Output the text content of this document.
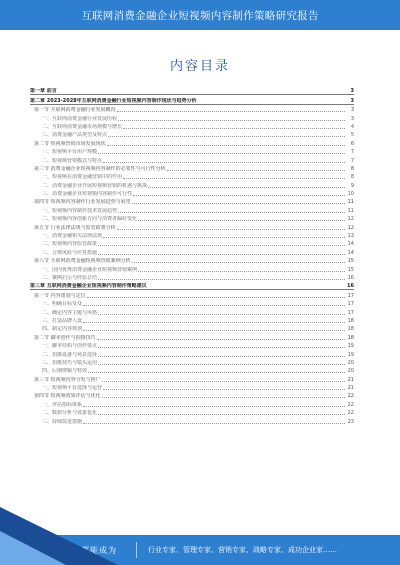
互联网消费金融企业短视频内容制作策略研究报告
内容目录
第一章 前言	3
第二章 2023-2028年互联网消费金融行业短视频内容制作现状与趋势分析	3
第一节 互联网消费金融行业发展概况	3
一、互联网消费金融行业发展历程	3
二、互联网消费金融市场规模与增长	4
三、消费金融产品类型及特点	5
第二节 短视频营销市场发展现状	6
一、短视频平台用户规模	7
二、短视频营销模式与特点	7
第三节 消费金融企业短视频内容制作的必要性与可行性分析	8
一、短视频在消费金融营销中的作用	8
二、消费金融企业开展短视频营销的机遇与挑战	9
三、消费金融企业短视频内容制作可行性	10
第四节 短视频内容制作行业发展趋势与展望	11
一、短视频内容制作技术发展趋势	11
二、短视频内容创新方向与消费者偏好变化	12
第五节 行业法律法规与监管政策分析	12
一、消费金融相关法律法规	13
二、短视频内容监管政策	14
三、合规风险与应对措施	14
第六节 互联网消费金融短视频营销案例分析	15
一、国内优秀消费金融企业短视频营销案例	15
二、案例启示与经验总结	16
第三章 互联网消费金融企业短视频内容制作策略建议	16
第一节 内容策划与定位	17
一、明确目标受众	17
二、确定内容主题与风格	17
三、打造品牌人设	18
四、制定内容规划	18
第二节 脚本创作与拍摄技巧	18
一、脚本结构与创作要点	19
二、拍摄设备与场景选择	19
三、拍摄技巧与镜头运用	20
四、后期剪辑与特效	20
第三节 短视频内容分发与推广	21
一、短视频平台选择与运营	21
第四节 短视频效果评估与优化	22
一、评估指标体系	22
二、数据分析与效果优化	22
三、持续改进措施	23
让每个人都能成为	行业专家、管理专家、营销专家、战略专家、成功企业家……
